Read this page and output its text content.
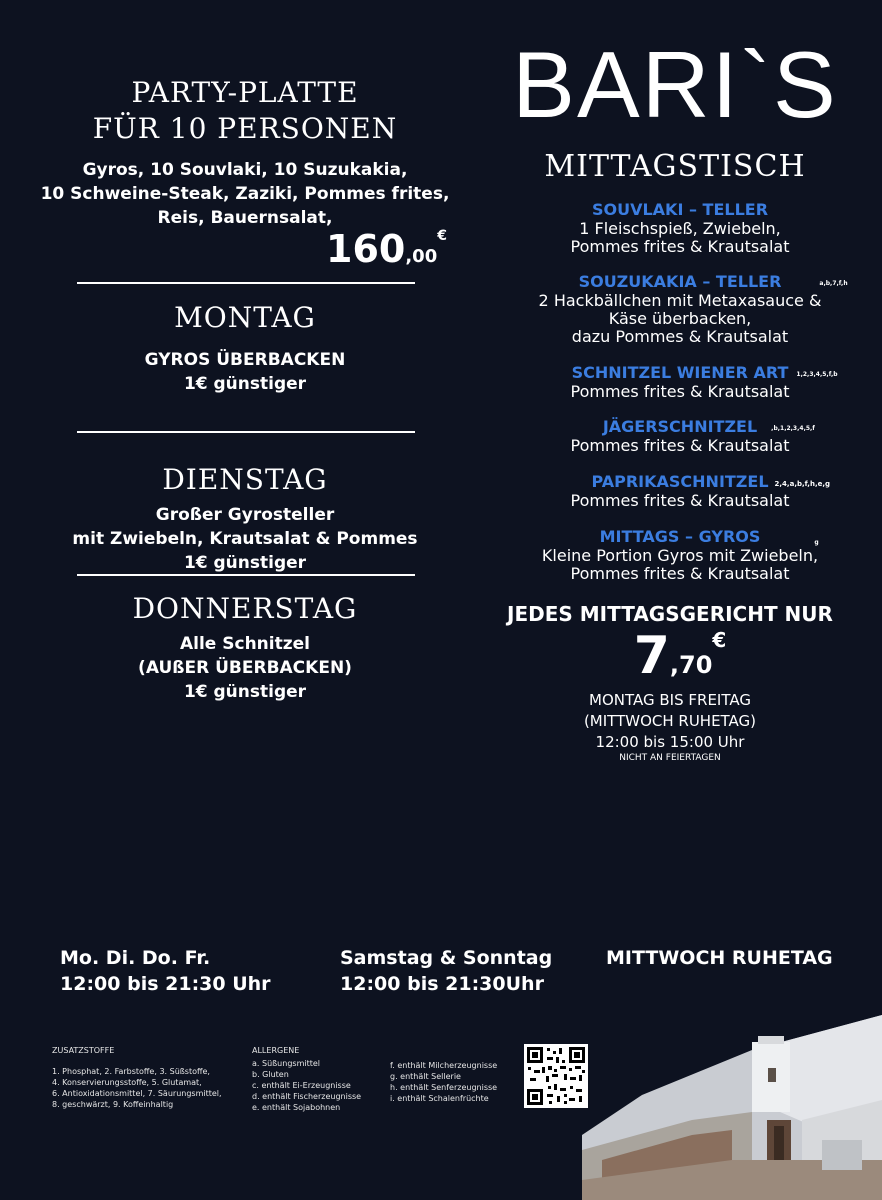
PARTY-PLATTE
FÜR 10 PERSONEN
Gyros, 10 Souvlaki, 10 Suzukakia,
10 Schweine-Steak, Zaziki, Pommes frites,
Reis, Bauernsalat,
160,00€
MONTAG
GYROS ÜBERBACKEN
1€ günstiger
DIENSTAG
Großer Gyrosteller
mit Zwiebeln, Krautsalat & Pommes
1€ günstiger
DONNERSTAG
Alle Schnitzel
(AUßER ÜBERBACKEN)
1€ günstiger
BARI`S
MITTAGSTISCH
SOUVLAKI – TELLER
1 Fleischspieß, Zwiebeln,
Pommes frites & Krautsalat
SOUZUKAKIA – TELLER	a,b,7,f,h
2 Hackbällchen mit Metaxasauce &
Käse überbacken,
dazu Pommes & Krautsalat
SCHNITZEL WIENER ART 1,2,3,4,5,f,b
Pommes frites & Krautsalat
JÄGERSCHNITZEL ,b,1,2,3,4,5,f
Pommes frites & Krautsalat
PAPRIKASCHNITZEL 2,4,a,b,f,h,e,g
Pommes frites & Krautsalat
MITTAGS – GYROS	g
Kleine Portion Gyros mit Zwiebeln,
Pommes frites & Krautsalat
JEDES MITTAGSGERICHT NUR
7,70€
MONTAG BIS FREITAG
(MITTWOCH RUHETAG)
12:00 bis 15:00 Uhr
NICHT AN FEIERTAGEN
Mo. Di. Do. Fr.
12:00 bis 21:30 Uhr
Samstag & Sonntag
12:00 bis 21:30Uhr
MITTWOCH RUHETAG
ZUSATZSTOFFE
1. Phosphat, 2. Farbstoffe, 3. Süßstoffe,
4. Konservierungsstoffe, 5. Glutamat,
6. Antioxidationsmittel, 7. Säurungsmittel,
8. geschwärzt, 9. Koffeinhaltig
ALLERGENE
a. Süßungsmittel
b. Gluten
c. enthält Ei-Erzeugnisse
d. enthält Fischerzeugnisse
e. enthält Sojabohnen
f. enthält Milcherzeugnisse
g. enthält Sellerie
h. enthält Senferzeugnisse
i. enthält Schalenfrüchte
